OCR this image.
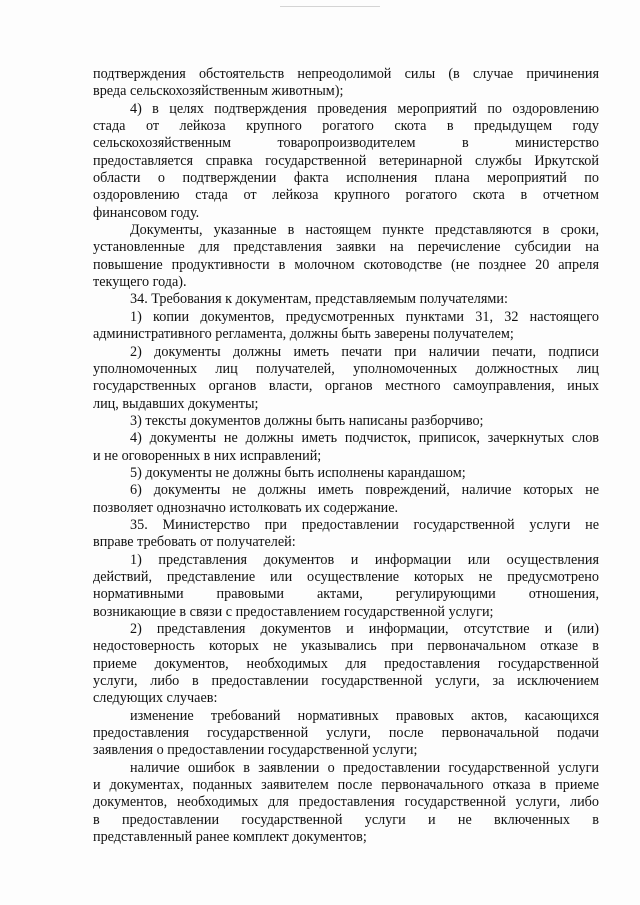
подтверждения обстоятельств непреодолимой силы (в случае причинения
вреда сельскохозяйственным животным);
4) в целях подтверждения проведения мероприятий по оздоровлению
стада от лейкоза крупного рогатого скота в предыдущем году
сельскохозяйственным товаропроизводителем в министерство
предоставляется справка государственной ветеринарной службы Иркутской
области о подтверждении факта исполнения плана мероприятий по
оздоровлению стада от лейкоза крупного рогатого скота в отчетном
финансовом году.
Документы, указанные в настоящем пункте представляются в сроки,
установленные для представления заявки на перечисление субсидии на
повышение продуктивности в молочном скотоводстве (не позднее 20 апреля
текущего года).
34. Требования к документам, представляемым получателями:
1) копии документов, предусмотренных пунктами 31, 32 настоящего
административного регламента, должны быть заверены получателем;
2) документы должны иметь печати при наличии печати, подписи
уполномоченных лиц получателей, уполномоченных должностных лиц
государственных органов власти, органов местного самоуправления, иных
лиц, выдавших документы;
3) тексты документов должны быть написаны разборчиво;
4) документы не должны иметь подчисток, приписок, зачеркнутых слов
и не оговоренных в них исправлений;
5) документы не должны быть исполнены карандашом;
6) документы не должны иметь повреждений, наличие которых не
позволяет однозначно истолковать их содержание.
35. Министерство при предоставлении государственной услуги не
вправе требовать от получателей:
1) представления документов и информации или осуществления
действий, представление или осуществление которых не предусмотрено
нормативными правовыми актами, регулирующими отношения,
возникающие в связи с предоставлением государственной услуги;
2) представления документов и информации, отсутствие и (или)
недостоверность которых не указывались при первоначальном отказе в
приеме документов, необходимых для предоставления государственной
услуги, либо в предоставлении государственной услуги, за исключением
следующих случаев:
изменение требований нормативных правовых актов, касающихся
предоставления государственной услуги, после первоначальной подачи
заявления о предоставлении государственной услуги;
наличие ошибок в заявлении о предоставлении государственной услуги
и документах, поданных заявителем после первоначального отказа в приеме
документов, необходимых для предоставления государственной услуги, либо
в предоставлении государственной услуги и не включенных в
представленный ранее комплект документов;
